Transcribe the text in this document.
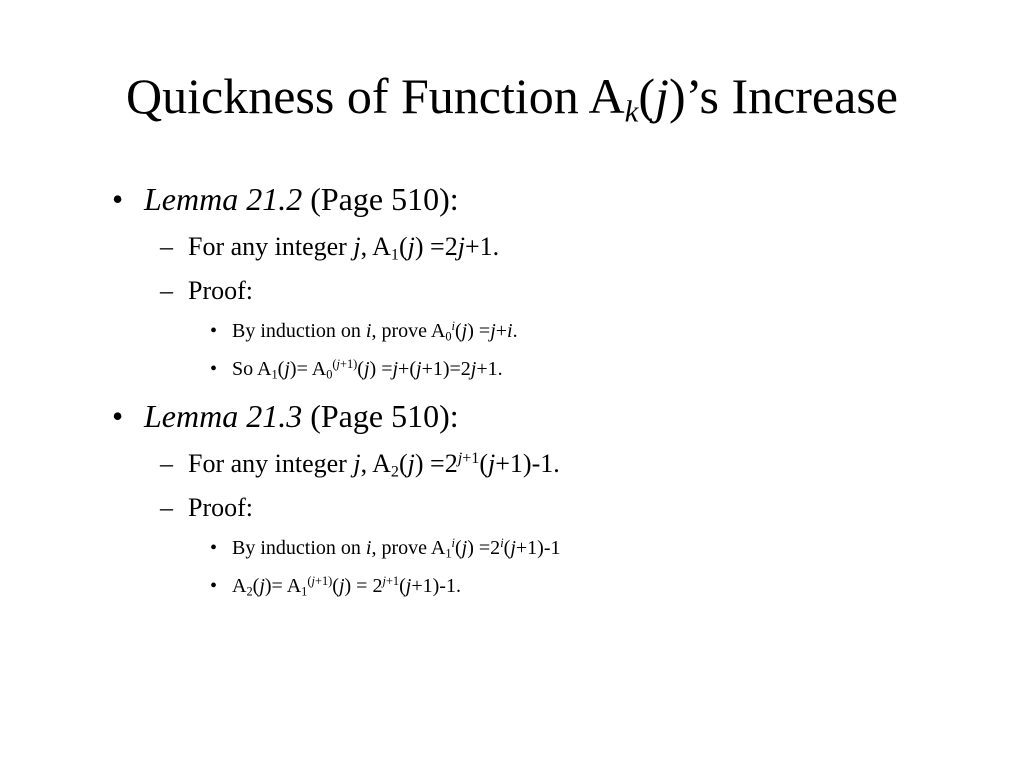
Quickness of Function $A_k(j)’s$ Increase
• Lemma 21.2 (Page 510):
– For any integer j, $A_1(j) =2j+1$.
– Proof:
• By induction on i, prove $A_0^i(j) =j+i$.
• So $A_1(j)= A_0^{(j+1)}(j) =j+(j+1)=2j+1$.
• Lemma 21.3 (Page 510):
– For any integer j, $A_2(j) =2^{j+1}(j+1)-1$.
– Proof:
• By induction on i, prove $A_1^i(j) =2^i(j+1)-1$
• $A_2(j)= A_1^{(j+1)}(j) = 2^{j+1}(j+1)-1$.
